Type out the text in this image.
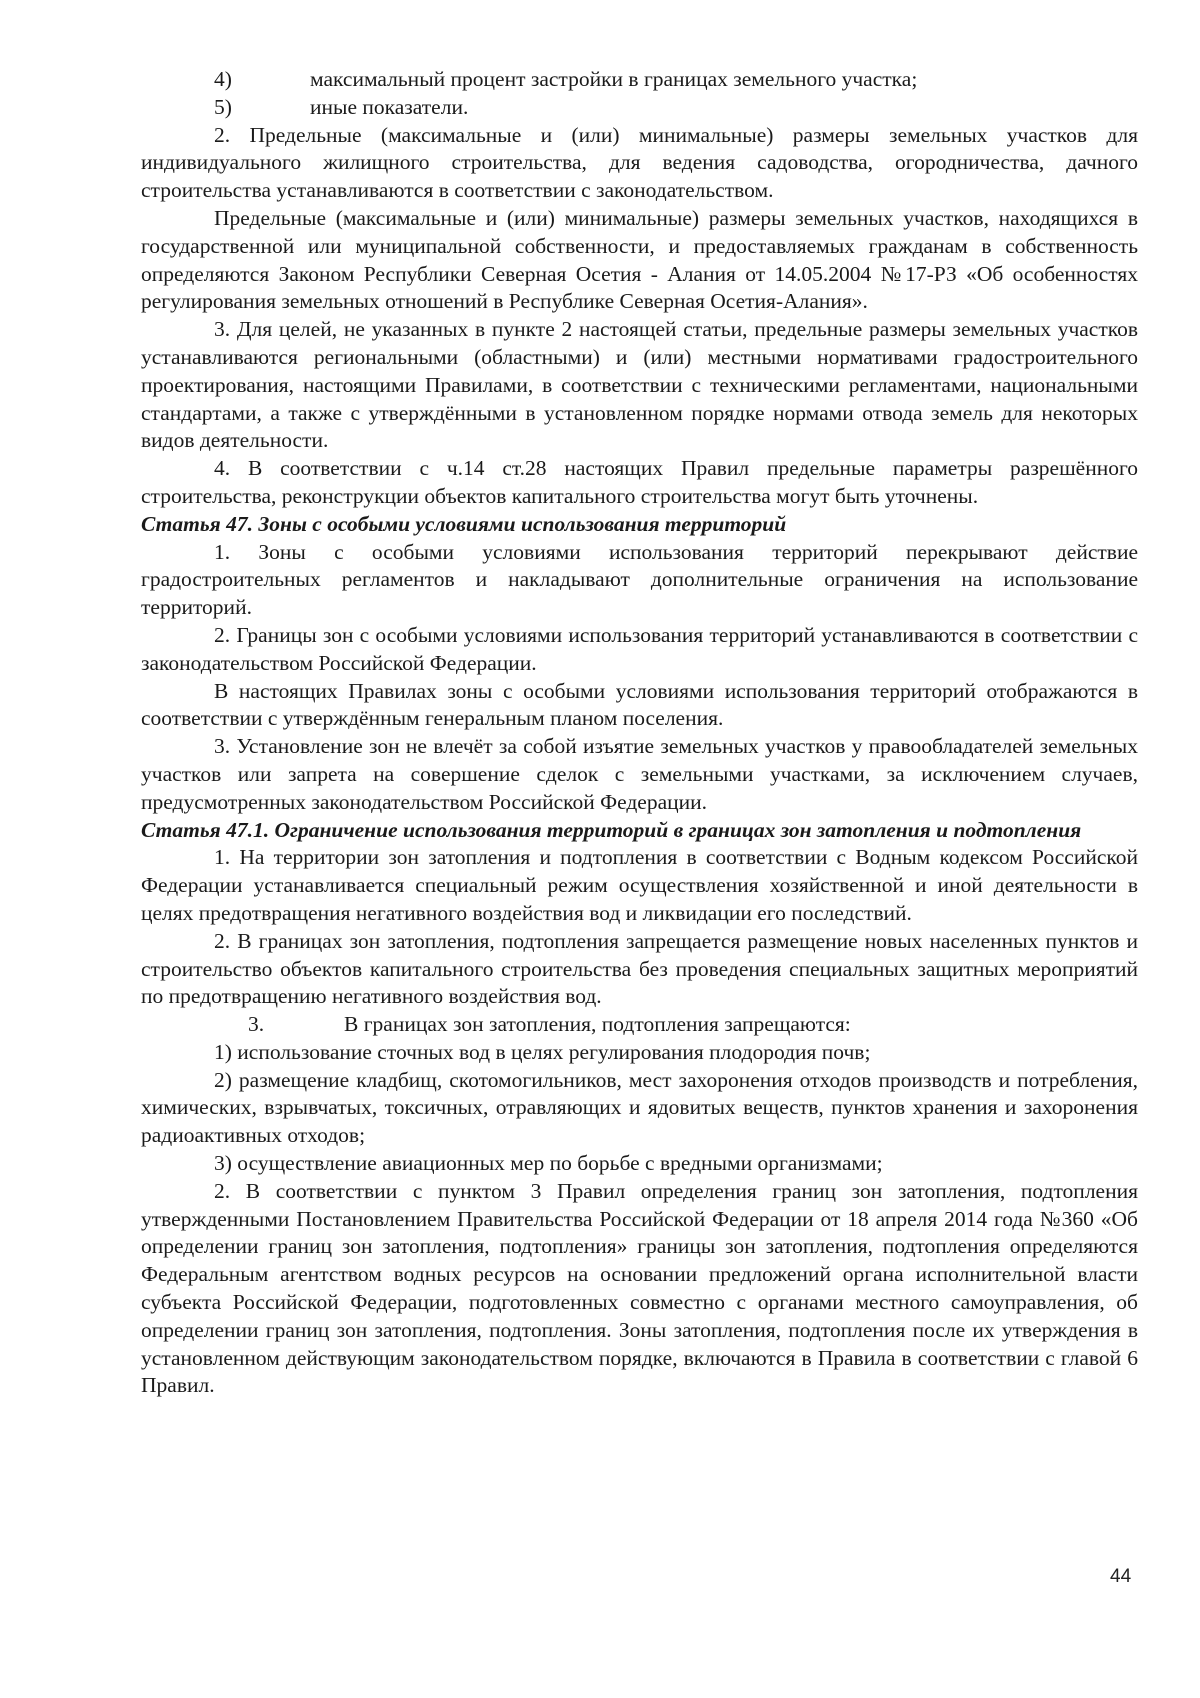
4)	максимальный процент застройки в границах земельного участка;
5)	иные показатели.

2. Предельные (максимальные и (или) минимальные) размеры земельных участков для индивидуального жилищного строительства, для ведения садоводства, огородничества, дачного строительства устанавливаются в соответствии с законодательством.

Предельные (максимальные и (или) минимальные) размеры земельных участков, находящихся в государственной или муниципальной собственности, и предоставляемых гражданам в собственность определяются Законом Республики Северная Осетия - Алания от 14.05.2004 №17-РЗ «Об особенностях регулирования земельных отношений в Республике Северная Осетия-Алания».

3. Для целей, не указанных в пункте 2 настоящей статьи, предельные размеры земельных участков устанавливаются региональными (областными) и (или) местными нормативами градостроительного проектирования, настоящими Правилами, в соответствии с техническими регламентами, национальными стандартами, а также с утверждёнными в установленном порядке нормами отвода земель для некоторых видов деятельности.

4. В соответствии с ч.14 ст.28 настоящих Правил предельные параметры разрешённого строительства, реконструкции объектов капитального строительства могут быть уточнены.

Статья 47. Зоны с особыми условиями использования территорий

1. Зоны с особыми условиями использования территорий перекрывают действие градостроительных регламентов и накладывают дополнительные ограничения на использование территорий.

2. Границы зон с особыми условиями использования территорий устанавливаются в соответствии с законодательством Российской Федерации.

В настоящих Правилах зоны с особыми условиями использования территорий отображаются в соответствии с утверждённым генеральным планом поселения.

3. Установление зон не влечёт за собой изъятие земельных участков у правообладателей земельных участков или запрета на совершение сделок с земельными участками, за исключением случаев, предусмотренных законодательством Российской Федерации.

Статья 47.1. Ограничение использования территорий в границах зон затопления и подтопления

1. На территории зон затопления и подтопления в соответствии с Водным кодексом Российской Федерации устанавливается специальный режим осуществления хозяйственной и иной деятельности в целях предотвращения негативного воздействия вод и ликвидации его последствий.

2. В границах зон затопления, подтопления запрещается размещение новых населенных пунктов и строительство объектов капитального строительства без проведения специальных защитных мероприятий по предотвращению негативного воздействия вод.

3.	В границах зон затопления, подтопления запрещаются:

1) использование сточных вод в целях регулирования плодородия почв;

2) размещение кладбищ, скотомогильников, мест захоронения отходов производств и потребления, химических, взрывчатых, токсичных, отравляющих и ядовитых веществ, пунктов хранения и захоронения радиоактивных отходов;

3) осуществление авиационных мер по борьбе с вредными организмами;

2. В соответствии с пунктом 3 Правил определения границ зон затопления, подтопления утвержденными Постановлением Правительства Российской Федерации от 18 апреля 2014 года №360 «Об определении границ зон затопления, подтопления» границы зон затопления, подтопления определяются Федеральным агентством водных ресурсов на основании предложений органа исполнительной власти субъекта Российской Федерации, подготовленных совместно с органами местного самоуправления, об определении границ зон затопления, подтопления. Зоны затопления, подтопления после их утверждения в установленном действующим законодательством порядке, включаются в Правила в соответствии с главой 6 Правил.

44
